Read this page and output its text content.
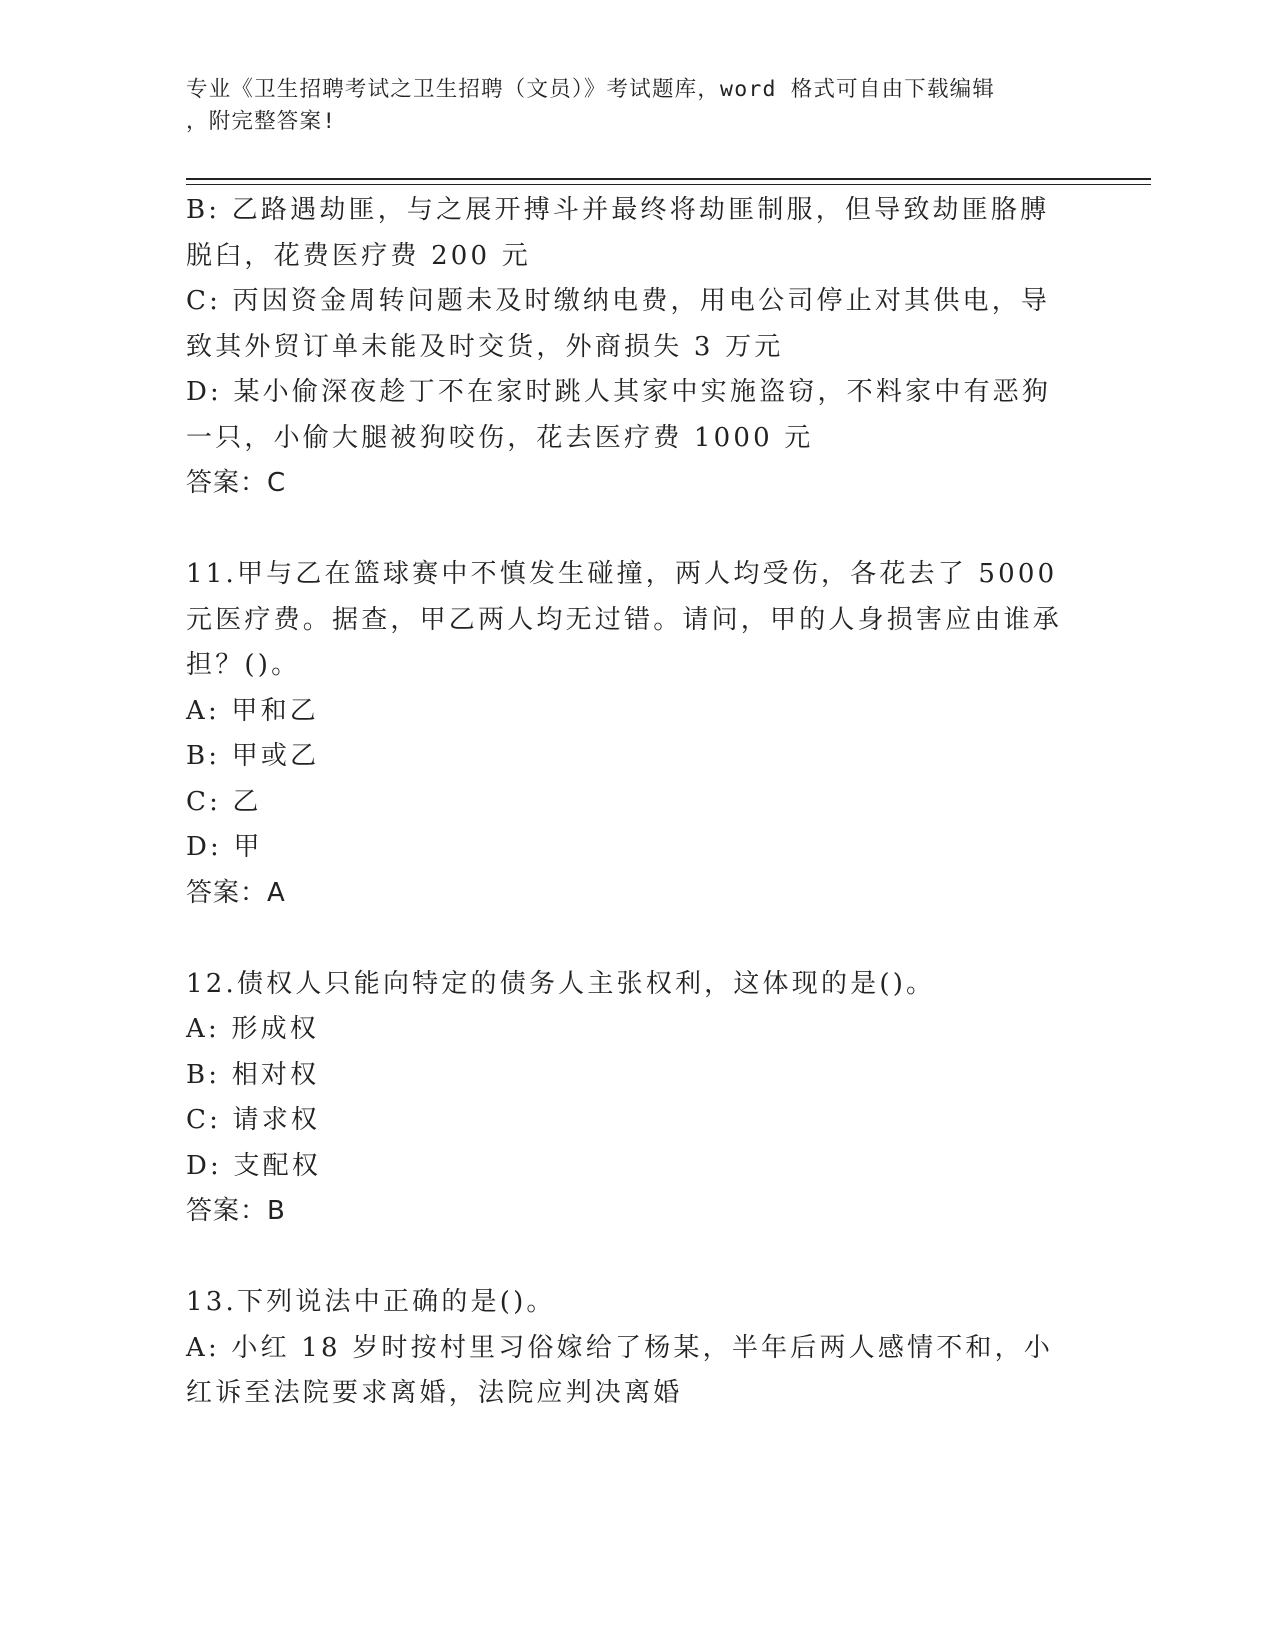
专业《卫生招聘考试之卫生招聘（文员）》考试题库，word 格式可自由下载编辑
，附完整答案!

B: 乙路遇劫匪，与之展开搏斗并最终将劫匪制服，但导致劫匪胳膊脱臼，花费医疗费 200 元

C: 丙因资金周转问题未及时缴纳电费，用电公司停止对其供电，导致其外贸订单未能及时交货，外商损失 3 万元

D: 某小偷深夜趁丁不在家时跳人其家中实施盗窃，不料家中有恶狗一只，小偷大腿被狗咬伤，花去医疗费 1000 元

答案：C

11.甲与乙在篮球赛中不慎发生碰撞，两人均受伤，各花去了 5000 元医疗费。据查，甲乙两人均无过错。请问，甲的人身损害应由谁承担？()。

A: 甲和乙

B: 甲或乙

C: 乙

D: 甲

答案：A

12.债权人只能向特定的债务人主张权利，这体现的是()。

A: 形成权

B: 相对权

C: 请求权

D: 支配权

答案：B

13.下列说法中正确的是()。

A: 小红 18 岁时按村里习俗嫁给了杨某，半年后两人感情不和，小红诉至法院要求离婚，法院应判决离婚
